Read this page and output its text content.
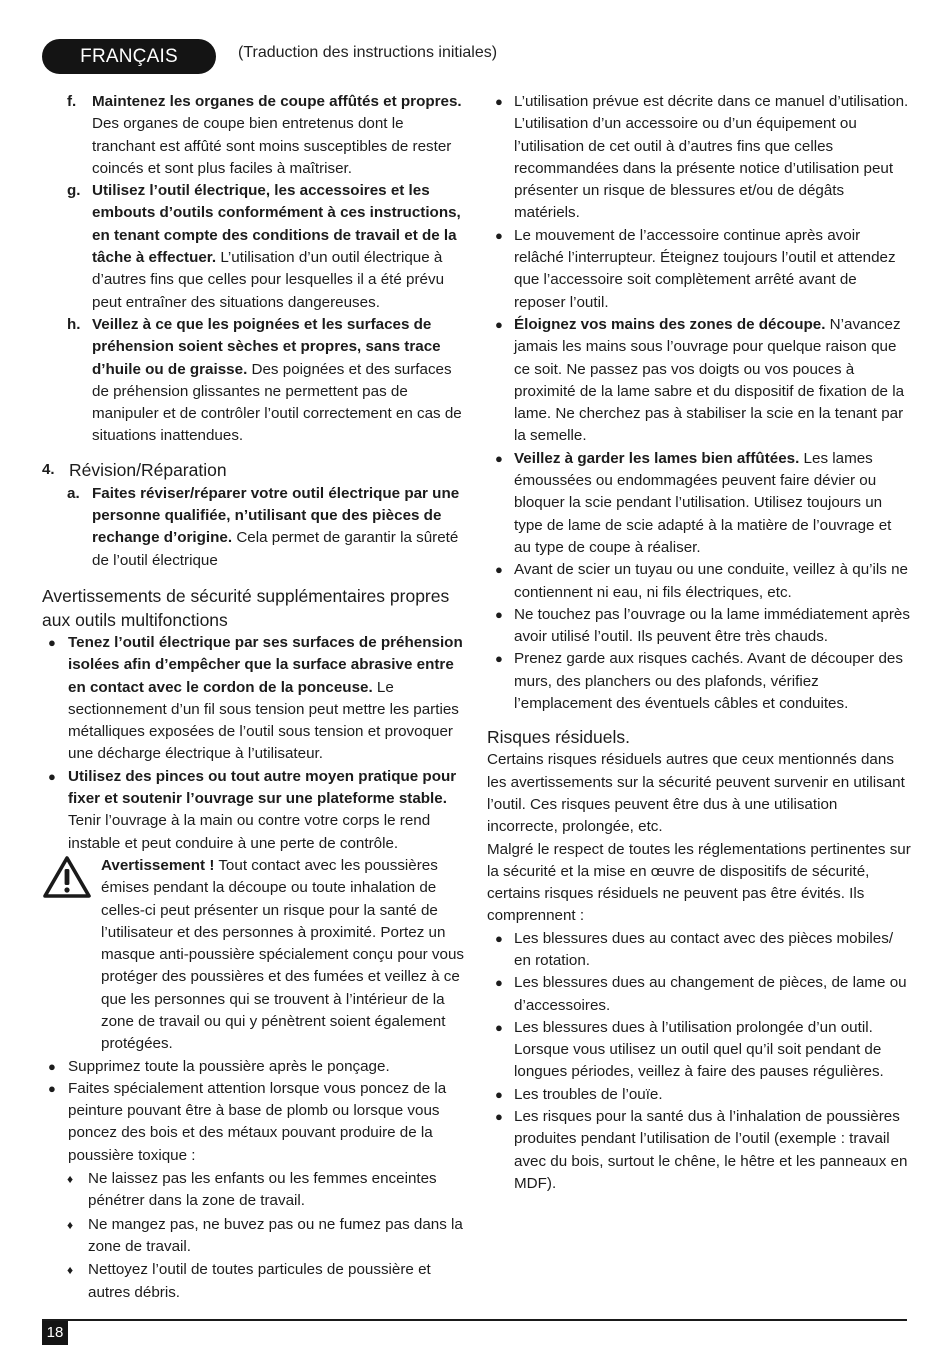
FRANÇAIS	(Traduction des instructions initiales)
f. Maintenez les organes de coupe affûtés et propres. Des organes de coupe bien entretenus dont le tranchant est affûté sont moins susceptibles de rester coincés et sont plus faciles à maîtriser.
g. Utilisez l’outil électrique, les accessoires et les embouts d’outils conformément à ces instructions, en tenant compte des conditions de travail et de la tâche à effectuer. L’utilisation d’un outil électrique à d’autres fins que celles pour lesquelles il a été prévu peut entraîner des situations dangereuses.
h. Veillez à ce que les poignées et les surfaces de préhension soient sèches et propres, sans trace d’huile ou de graisse. Des poignées et des surfaces de préhension glissantes ne permettent pas de manipuler et de contrôler l’outil correctement en cas de situations inattendues.
4. Révision/Réparation
a. Faites réviser/réparer votre outil électrique par une personne qualifiée, n’utilisant que des pièces de rechange d’origine. Cela permet de garantir la sûreté de l’outil électrique
Avertissements de sécurité supplémentaires propres aux outils multifonctions
● Tenez l’outil électrique par ses surfaces de préhension isolées afin d’empêcher que la surface abrasive entre en contact avec le cordon de la ponceuse. Le sectionnement d’un fil sous tension peut mettre les parties métalliques exposées de l’outil sous tension et provoquer une décharge électrique à l’utilisateur.
● Utilisez des pinces ou tout autre moyen pratique pour fixer et soutenir l’ouvrage sur une plateforme stable. Tenir l’ouvrage à la main ou contre votre corps le rend instable et peut conduire à une perte de contrôle.
Avertissement ! Tout contact avec les poussières émises pendant la découpe ou toute inhalation de celles-ci peut présenter un risque pour la santé de l’utilisateur et des personnes à proximité. Portez un masque anti-poussière spécialement conçu pour vous protéger des poussières et des fumées et veillez à ce que les personnes qui se trouvent à l’intérieur de la zone de travail ou qui y pénètrent soient également protégées.
● Supprimez toute la poussière après le ponçage.
● Faites spécialement attention lorsque vous poncez de la peinture pouvant être à base de plomb ou lorsque vous poncez des bois et des métaux pouvant produire de la poussière toxique :
♦ Ne laissez pas les enfants ou les femmes enceintes pénétrer dans la zone de travail.
♦ Ne mangez pas, ne buvez pas ou ne fumez pas dans la zone de travail.
♦ Nettoyez l’outil de toutes particules de poussière et autres débris.
● L’utilisation prévue est décrite dans ce manuel d’utilisation. L’utilisation d’un accessoire ou d’un équipement ou l’utilisation de cet outil à d’autres fins que celles recommandées dans la présente notice d’utilisation peut présenter un risque de blessures et/ou de dégâts matériels.
● Le mouvement de l’accessoire continue après avoir relâché l’interrupteur. Éteignez toujours l’outil et attendez que l’accessoire soit complètement arrêté avant de reposer l’outil.
● Éloignez vos mains des zones de découpe. N’avancez jamais les mains sous l’ouvrage pour quelque raison que ce soit. Ne passez pas vos doigts ou vos pouces à proximité de la lame sabre et du dispositif de fixation de la lame. Ne cherchez pas à stabiliser la scie en la tenant par la semelle.
● Veillez à garder les lames bien affûtées. Les lames émoussées ou endommagées peuvent faire dévier ou bloquer la scie pendant l’utilisation. Utilisez toujours un type de lame de scie adapté à la matière de l’ouvrage et au type de coupe à réaliser.
● Avant de scier un tuyau ou une conduite, veillez à qu’ils ne contiennent ni eau, ni fils électriques, etc.
● Ne touchez pas l’ouvrage ou la lame immédiatement après avoir utilisé l’outil. Ils peuvent être très chauds.
● Prenez garde aux risques cachés. Avant de découper des murs, des planchers ou des plafonds, vérifiez l’emplacement des éventuels câbles et conduites.
Risques résiduels.
Certains risques résiduels autres que ceux mentionnés dans les avertissements sur la sécurité peuvent survenir en utilisant l’outil. Ces risques peuvent être dus à une utilisation incorrecte, prolongée, etc.
Malgré le respect de toutes les réglementations pertinentes sur la sécurité et la mise en œuvre de dispositifs de sécurité, certains risques résiduels ne peuvent pas être évités. Ils comprennent :
● Les blessures dues au contact avec des pièces mobiles/ en rotation.
● Les blessures dues au changement de pièces, de lame ou d’accessoires.
● Les blessures dues à l’utilisation prolongée d’un outil. Lorsque vous utilisez un outil quel qu’il soit pendant de longues périodes, veillez à faire des pauses régulières.
● Les troubles de l’ouïe.
● Les risques pour la santé dus à l’inhalation de poussières produites pendant l’utilisation de l’outil (exemple : travail avec du bois, surtout le chêne, le hêtre et les panneaux en MDF).
18
